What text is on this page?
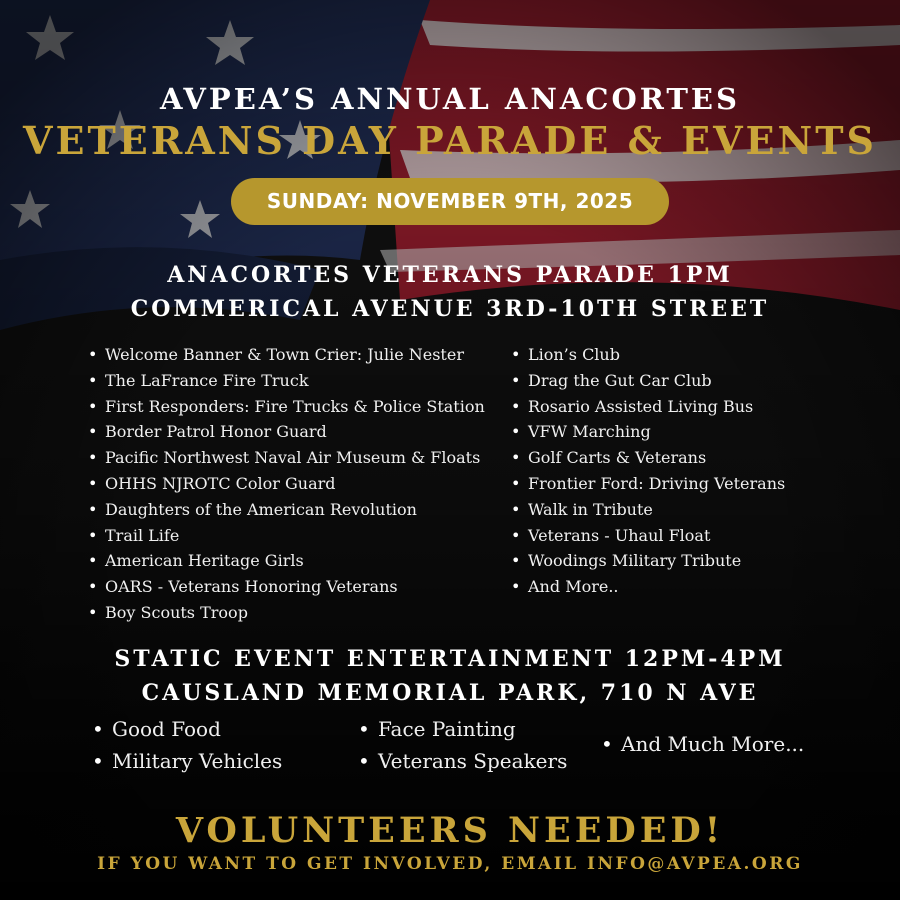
AVPEA’S ANNUAL ANACORTES
VETERANS DAY PARADE & EVENTS
SUNDAY: NOVEMBER 9TH, 2025
ANACORTES VETERANS PARADE 1PM
COMMERICAL AVENUE 3RD-10TH STREET
• Welcome Banner & Town Crier: Julie Nester
• The LaFrance Fire Truck
• First Responders: Fire Trucks & Police Station
• Border Patrol Honor Guard
• Pacific Northwest Naval Air Museum & Floats
• OHHS NJROTC Color Guard
• Daughters of the American Revolution
• Trail Life
• American Heritage Girls
• OARS - Veterans Honoring Veterans
• Boy Scouts Troop
• Lion’s Club
• Drag the Gut Car Club
• Rosario Assisted Living Bus
• VFW Marching
• Golf Carts & Veterans
• Frontier Ford: Driving Veterans
• Walk in Tribute
• Veterans - Uhaul Float
• Woodings Military Tribute
• And More..
STATIC EVENT ENTERTAINMENT 12PM-4PM
CAUSLAND MEMORIAL PARK, 710 N AVE
• Good Food
• Military Vehicles
• Face Painting
• Veterans Speakers
• And Much More...
VOLUNTEERS NEEDED!
IF YOU WANT TO GET INVOLVED, EMAIL INFO@AVPEA.ORG
